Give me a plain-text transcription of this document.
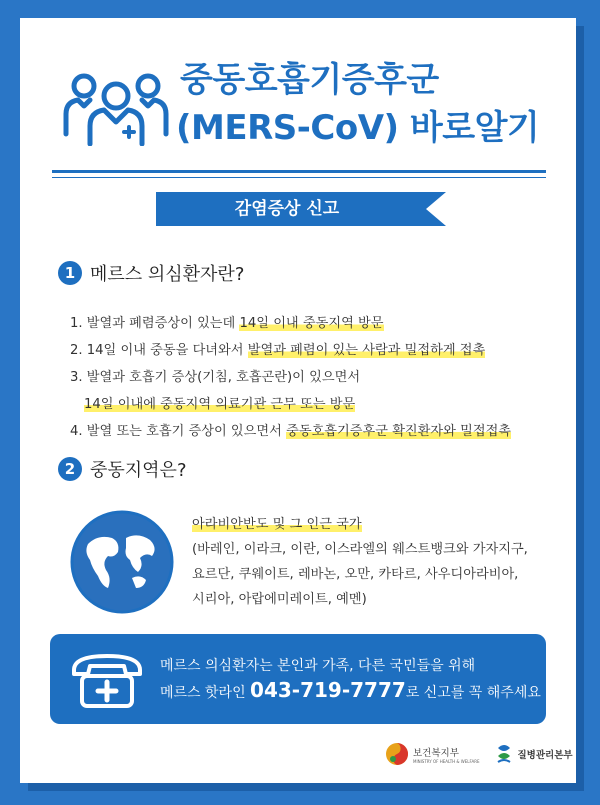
중동호흡기증후군
(MERS-CoV) 바로알기
감염증상 신고
1 메르스 의심환자란?
1. 발열과 폐렴증상이 있는데 14일 이내 중동지역 방문
2. 14일 이내 중동을 다녀와서 발열과 폐렴이 있는 사람과 밀접하게 접촉
3. 발열과 호흡기 증상(기침, 호흡곤란)이 있으면서
14일 이내에 중동지역 의료기관 근무 또는 방문
4. 발열 또는 호흡기 증상이 있으면서 중동호흡기증후군 확진환자와 밀접접촉
2 중동지역은?
아라비안반도 및 그 인근 국가
(바레인, 이라크, 이란, 이스라엘의 웨스트뱅크와 가자지구,
요르단, 쿠웨이트, 레바논, 오만, 카타르, 사우디아라비아,
시리아, 아랍에미레이트, 예멘)
메르스 의심환자는 본인과 가족, 다른 국민들을 위해
메르스 핫라인 043-719-7777로 신고를 꼭 해주세요
보건복지부
MINISTRY OF HEALTH & WELFARE	질병관리본부
